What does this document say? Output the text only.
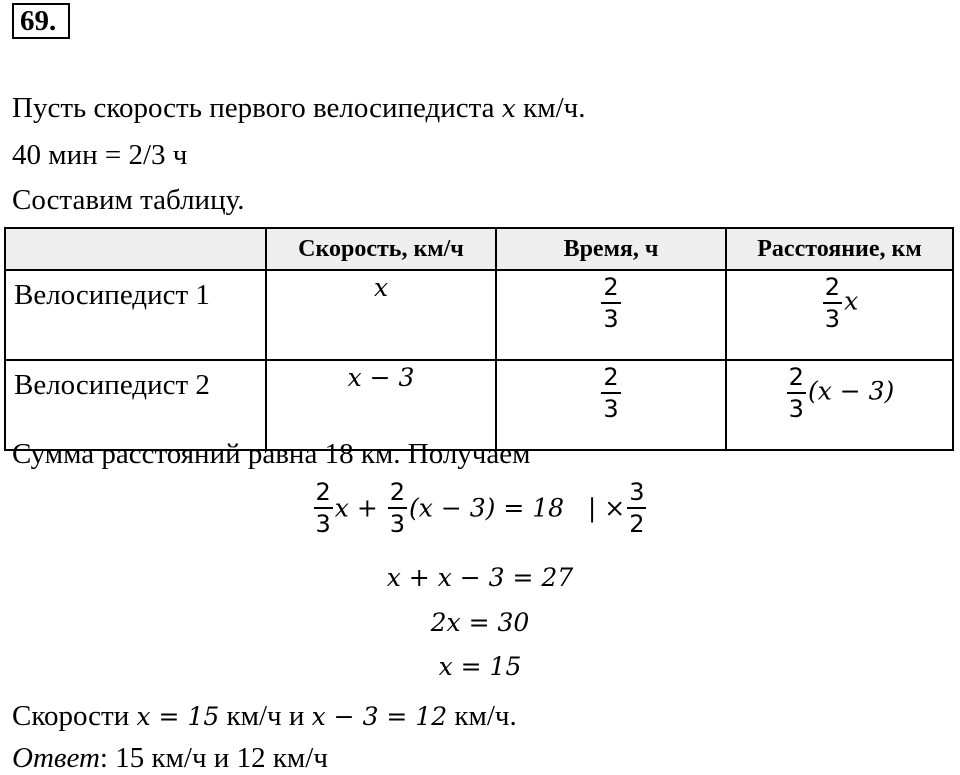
69.
Пусть скорость первого велосипедиста x км/ч.
40 мин = 2/3 ч
Составим таблицу.
	Скорость, км/ч	Время, ч	Расстояние, км
Велосипедист 1	x	$\frac{2}{3}$	$\frac{2}{3}$ x
Велосипедист 2	x − 3	$\frac{2}{3}$	$\frac{2}{3} (x - 3)$
Сумма расстояний равна 18 км. Получаем
$\frac{2}{3}$ $x + \frac{2}{3} (x - 3) = 18$   | × $\frac{3}{2}$
x + x − 3 = 27
2x = 30
x = 15
Скорости x = 15 км/ч и x − 3 = 12 км/ч.
Ответ: 15 км/ч и 12 км/ч
